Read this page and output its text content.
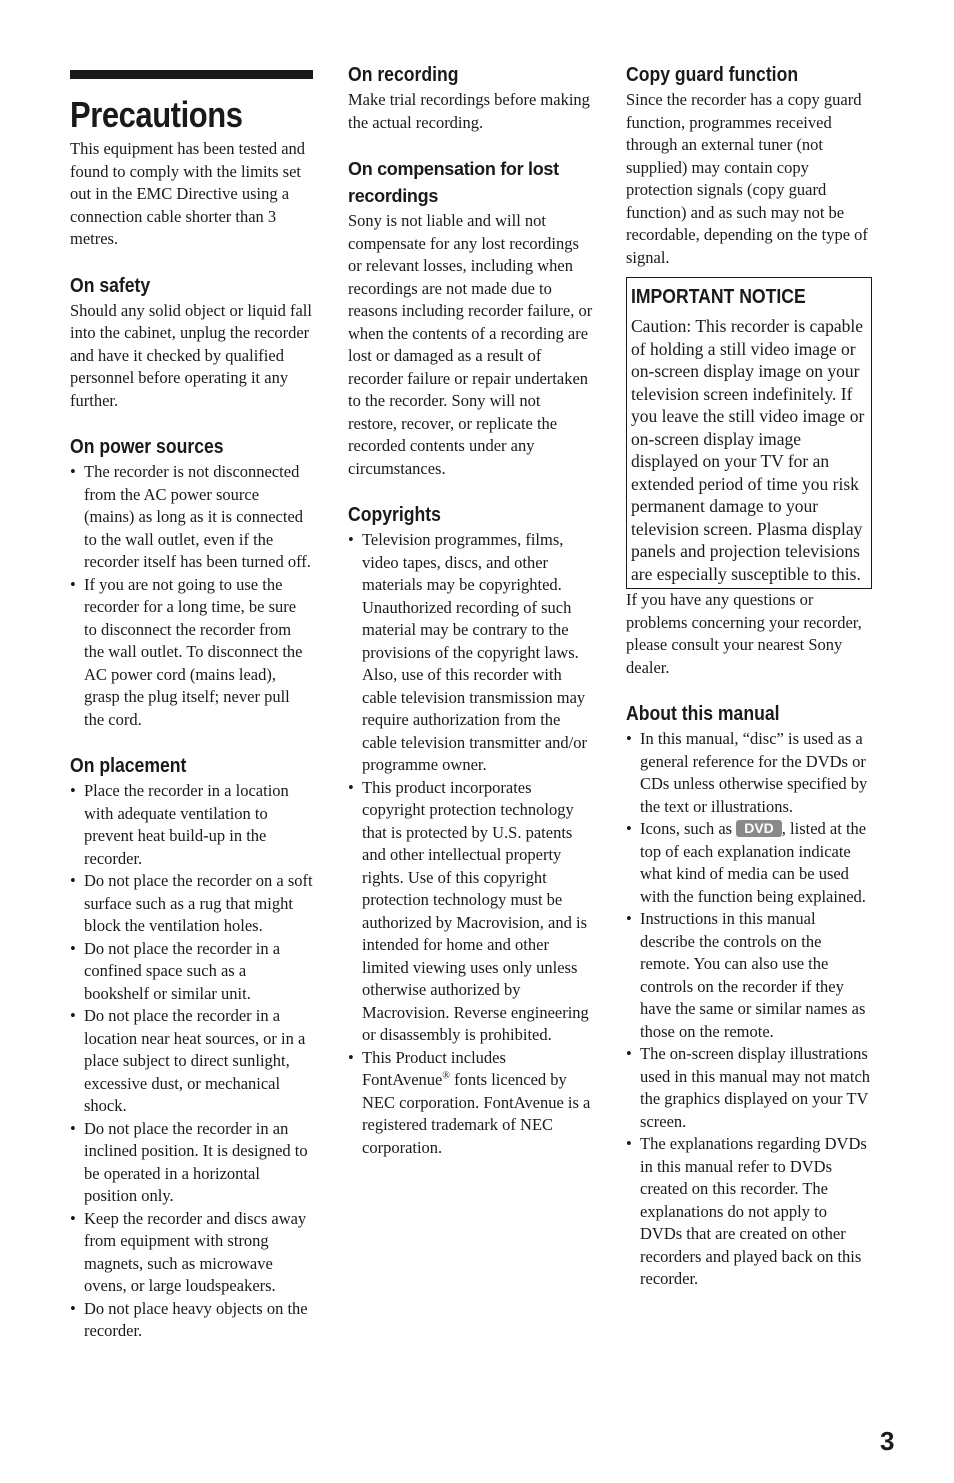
Precautions

This equipment has been tested and found to comply with the limits set out in the EMC Directive using a connection cable shorter than 3 metres.

On safety

Should any solid object or liquid fall into the cabinet, unplug the recorder and have it checked by qualified personnel before operating it any further.

On power sources
• The recorder is not disconnected from the AC power source (mains) as long as it is connected to the wall outlet, even if the recorder itself has been turned off.
• If you are not going to use the recorder for a long time, be sure to disconnect the recorder from the wall outlet. To disconnect the AC power cord (mains lead), grasp the plug itself; never pull the cord.
On placement
• Place the recorder in a location with adequate ventilation to prevent heat build-up in the recorder.
• Do not place the recorder on a soft surface such as a rug that might block the ventilation holes.
• Do not place the recorder in a confined space such as a bookshelf or similar unit.
• Do not place the recorder in a location near heat sources, or in a place subject to direct sunlight, excessive dust, or mechanical shock.
• Do not place the recorder in an inclined position. It is designed to be operated in a horizontal position only.
• Keep the recorder and discs away from equipment with strong magnets, such as microwave ovens, or large loudspeakers.
• Do not place heavy objects on the recorder.
On recording

Make trial recordings before making the actual recording.

On compensation for lost recordings

Sony is not liable and will not compensate for any lost recordings or relevant losses, including when recordings are not made due to reasons including recorder failure, or when the contents of a recording are lost or damaged as a result of recorder failure or repair undertaken to the recorder. Sony will not restore, recover, or replicate the recorded contents under any circumstances.

Copyrights
• Television programmes, films, video tapes, discs, and other materials may be copyrighted. Unauthorized recording of such material may be contrary to the provisions of the copyright laws. Also, use of this recorder with cable television transmission may require authorization from the cable television transmitter and/or programme owner.
• This product incorporates copyright protection technology that is protected by U.S. patents and other intellectual property rights. Use of this copyright protection technology must be authorized by Macrovision, and is intended for home and other limited viewing uses only unless otherwise authorized by Macrovision. Reverse engineering or disassembly is prohibited.
• This Product includes FontAvenue® fonts licenced by NEC corporation. FontAvenue is a registered trademark of NEC corporation.
Copy guard function

Since the recorder has a copy guard function, programmes received through an external tuner (not supplied) may contain copy protection signals (copy guard function) and as such may not be recordable, depending on the type of signal.

IMPORTANT NOTICE

Caution: This recorder is capable of holding a still video image or on-screen display image on your television screen indefinitely. If you leave the still video image or on-screen display image displayed on your TV for an extended period of time you risk permanent damage to your television screen. Plasma display panels and projection televisions are especially susceptible to this.

If you have any questions or problems concerning your recorder, please consult your nearest Sony dealer.

About this manual
• In this manual, “disc” is used as a general reference for the DVDs or CDs unless otherwise specified by the text or illustrations.
• Icons, such as DVD , listed at the top of each explanation indicate what kind of media can be used with the function being explained.
• Instructions in this manual describe the controls on the remote. You can also use the controls on the recorder if they have the same or similar names as those on the remote.
• The on-screen display illustrations used in this manual may not match the graphics displayed on your TV screen.
• The explanations regarding DVDs in this manual refer to DVDs created on this recorder. The explanations do not apply to DVDs that are created on other recorders and played back on this recorder.
3
